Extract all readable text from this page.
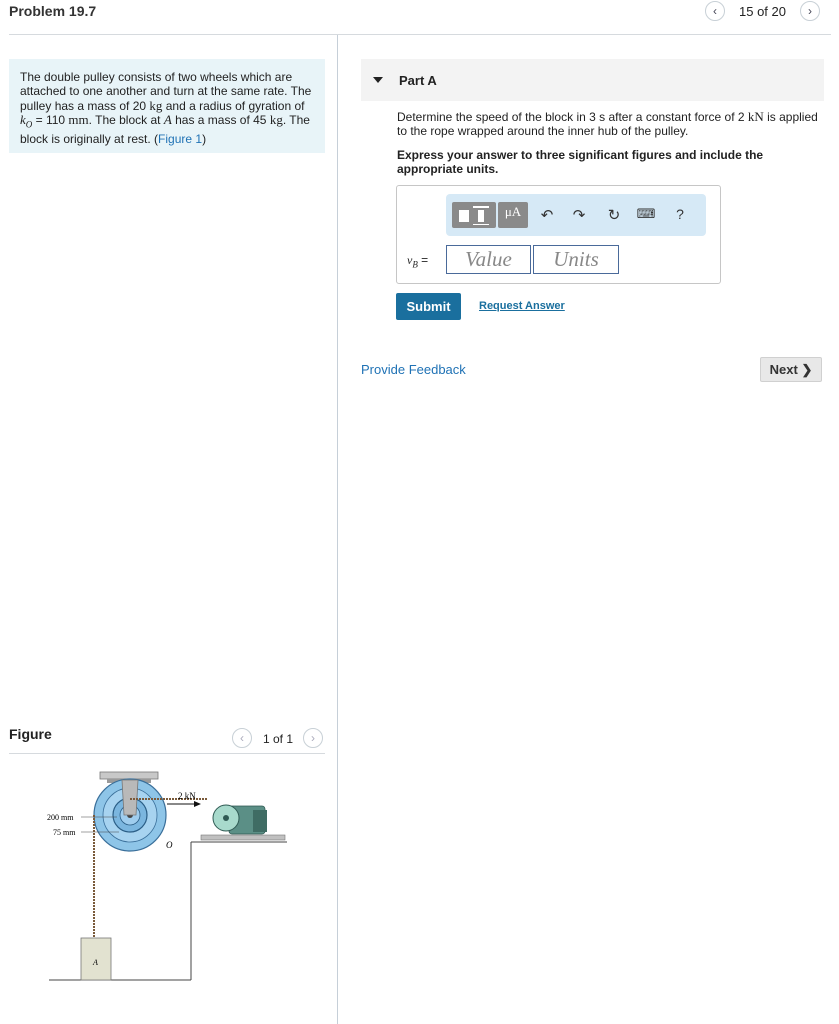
Problem 19.7	‹ 15 of 20 ›
The double pulley consists of two wheels which are attached to one another and turn at the same rate. The pulley has a mass of 20 kg and a radius of gyration of $k_O = 110$ mm. The block at A has a mass of 45 kg. The block is originally at rest. (Figure 1)
Part A
Determine the speed of the block in 3 s after a constant force of 2 kN is applied to the rope wrapped around the inner hub of the pulley.
Express your answer to three significant figures and include the appropriate units.
μA	↶ ↷ ↻ ⌨	?
$v_B$ =	Value	Units
Submit	Request Answer
Provide Feedback	Next ❯
Figure	‹ 1 of 1 ›
2 kN
200 mm
75 mm
O
A
